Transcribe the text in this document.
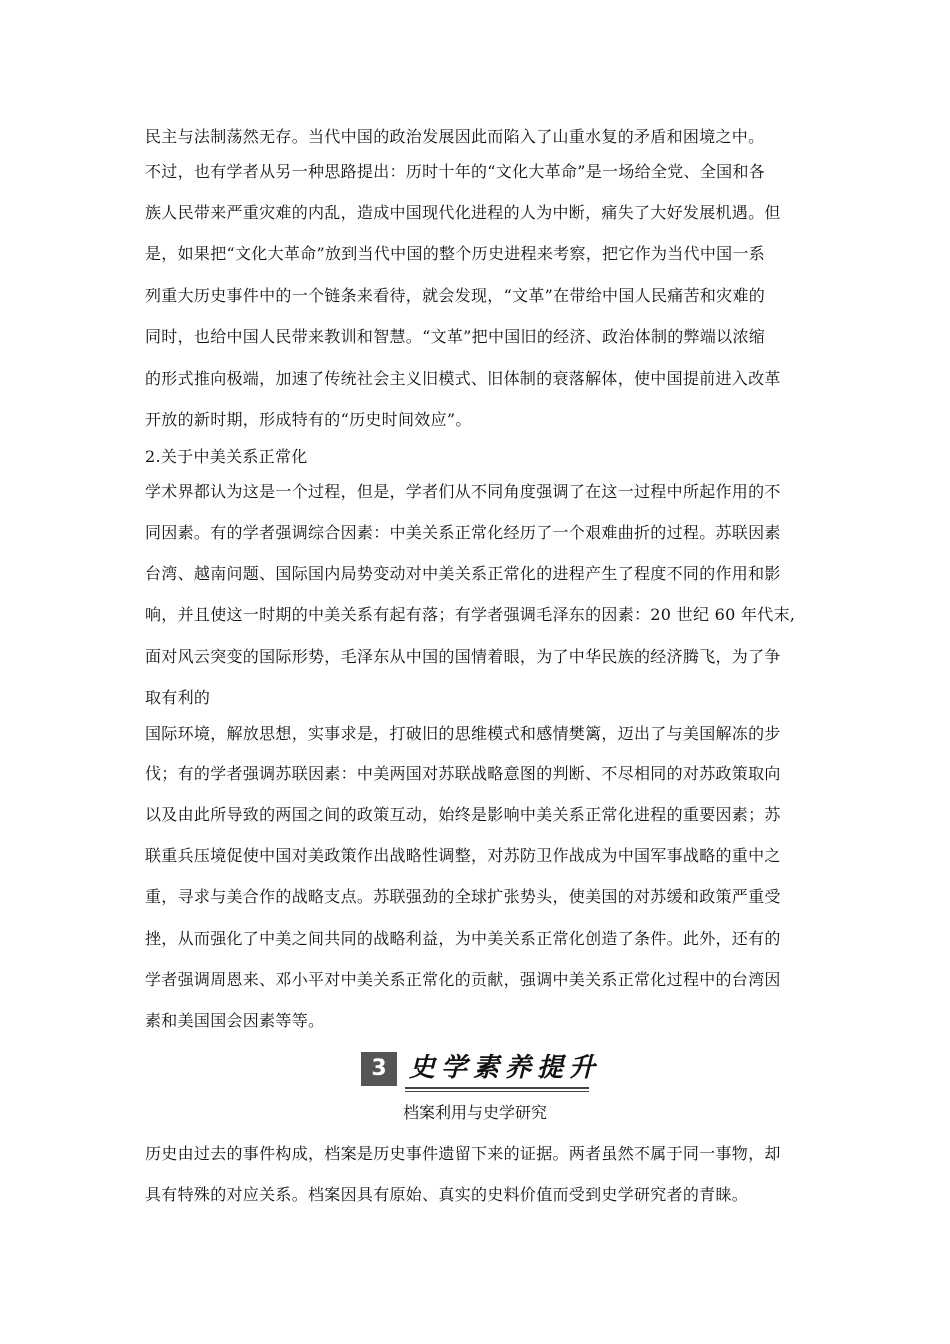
民主与法制荡然无存。当代中国的政治发展因此而陷入了山重水复的矛盾和困境之中。
不过，也有学者从另一种思路提出：历时十年的“文化大革命”是一场给全党、全国和各
族人民带来严重灾难的内乱，造成中国现代化进程的人为中断，痛失了大好发展机遇。但
是，如果把“文化大革命”放到当代中国的整个历史进程来考察，把它作为当代中国一系
列重大历史事件中的一个链条来看待，就会发现，“文革”在带给中国人民痛苦和灾难的
同时，也给中国人民带来教训和智慧。“文革”把中国旧的经济、政治体制的弊端以浓缩
的形式推向极端，加速了传统社会主义旧模式、旧体制的衰落解体，使中国提前进入改革
开放的新时期，形成特有的“历史时间效应”。
2.关于中美关系正常化
学术界都认为这是一个过程，但是，学者们从不同角度强调了在这一过程中所起作用的不
同因素。有的学者强调综合因素：中美关系正常化经历了一个艰难曲折的过程。苏联因素
台湾、越南问题、国际国内局势变动对中美关系正常化的进程产生了程度不同的作用和影
响，并且使这一时期的中美关系有起有落；有学者强调毛泽东的因素：20 世纪 60 年代末,
面对风云突变的国际形势，毛泽东从中国的国情着眼，为了中华民族的经济腾飞，为了争
取有利的
国际环境，解放思想，实事求是，打破旧的思维模式和感情樊篱，迈出了与美国解冻的步
伐；有的学者强调苏联因素：中美两国对苏联战略意图的判断、不尽相同的对苏政策取向
以及由此所导致的两国之间的政策互动，始终是影响中美关系正常化进程的重要因素；苏
联重兵压境促使中国对美政策作出战略性调整，对苏防卫作战成为中国军事战略的重中之
重，寻求与美合作的战略支点。苏联强劲的全球扩张势头，使美国的对苏缓和政策严重受
挫，从而强化了中美之间共同的战略利益，为中美关系正常化创造了条件。此外，还有的
学者强调周恩来、邓小平对中美关系正常化的贡献，强调中美关系正常化过程中的台湾因
素和美国国会因素等等。
3 史学素养提升
档案利用与史学研究
历史由过去的事件构成，档案是历史事件遗留下来的证据。两者虽然不属于同一事物，却
具有特殊的对应关系。档案因具有原始、真实的史料价值而受到史学研究者的青睐。
